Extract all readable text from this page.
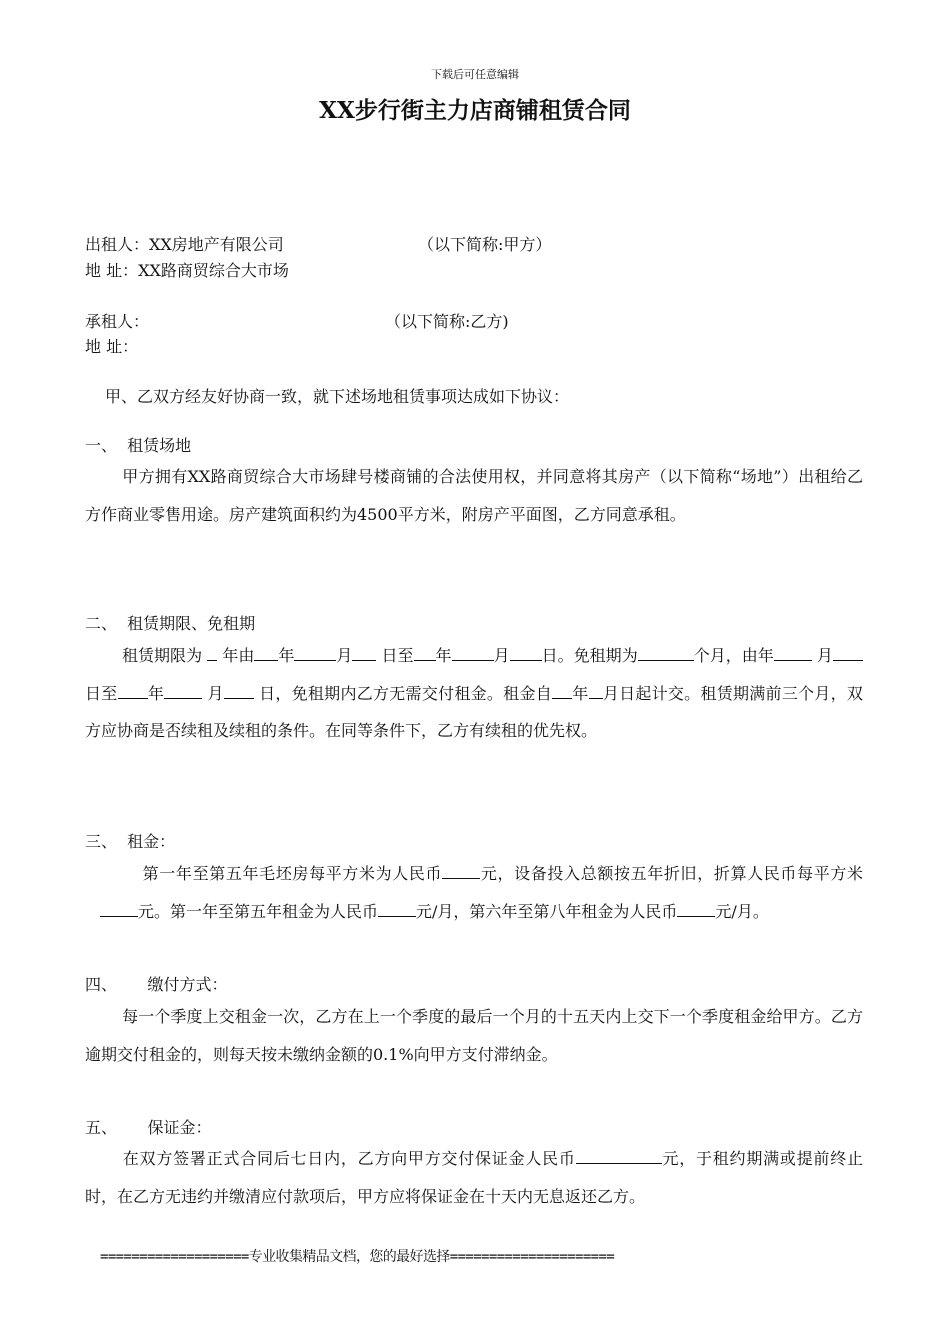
下载后可任意编辑
XX步行街主力店商铺租赁合同
出租人：XX房地产有限公司	（以下简称:甲方）
地 址：XX路商贸综合大市场
承租人：	（以下简称:乙方)
地 址：
甲、乙双方经友好协商一致，就下述场地租赁事项达成如下协议：
一、  租赁场地
甲方拥有XX路商贸综合大市场肆号楼商铺的合法使用权，并同意将其房产（以下简称“场地”）出租给乙方作商业零售用途。房产建筑面积约为4500平方米，附房产平面图，乙方同意承租。
二、  租赁期限、免租期
租赁期限为 年由 年	月 日至 年	月 日。免租期为	个月，由年	月 日至 年	月 日，免租期内乙方无需交付租金。租金自 年 月日起计交。租赁期满前三个月，双方应协商是否续租及续租的条件。在同等条件下，乙方有续租的优先权。
三、  租金：
第一年至第五年毛坯房每平方米为人民币 元，设备投入总额按五年折旧，折算人民币每平方米元。第一年至第五年租金为人民币 元/月，第六年至第八年租金为人民币 元/月。
四、      缴付方式：
每一个季度上交租金一次，乙方在上一个季度的最后一个月的十五天内上交下一个季度租金给甲方。乙方逾期交付租金的，则每天按未缴纳金额的0.1%向甲方支付滞纳金。
五、      保证金：
在双方签署正式合同后七日内，乙方向甲方交付保证金人民币	元，于租约期满或提前终止时，在乙方无违约并缴清应付款项后，甲方应将保证金在十天内无息返还乙方。
===================专业收集精品文档，您的最好选择=====================
